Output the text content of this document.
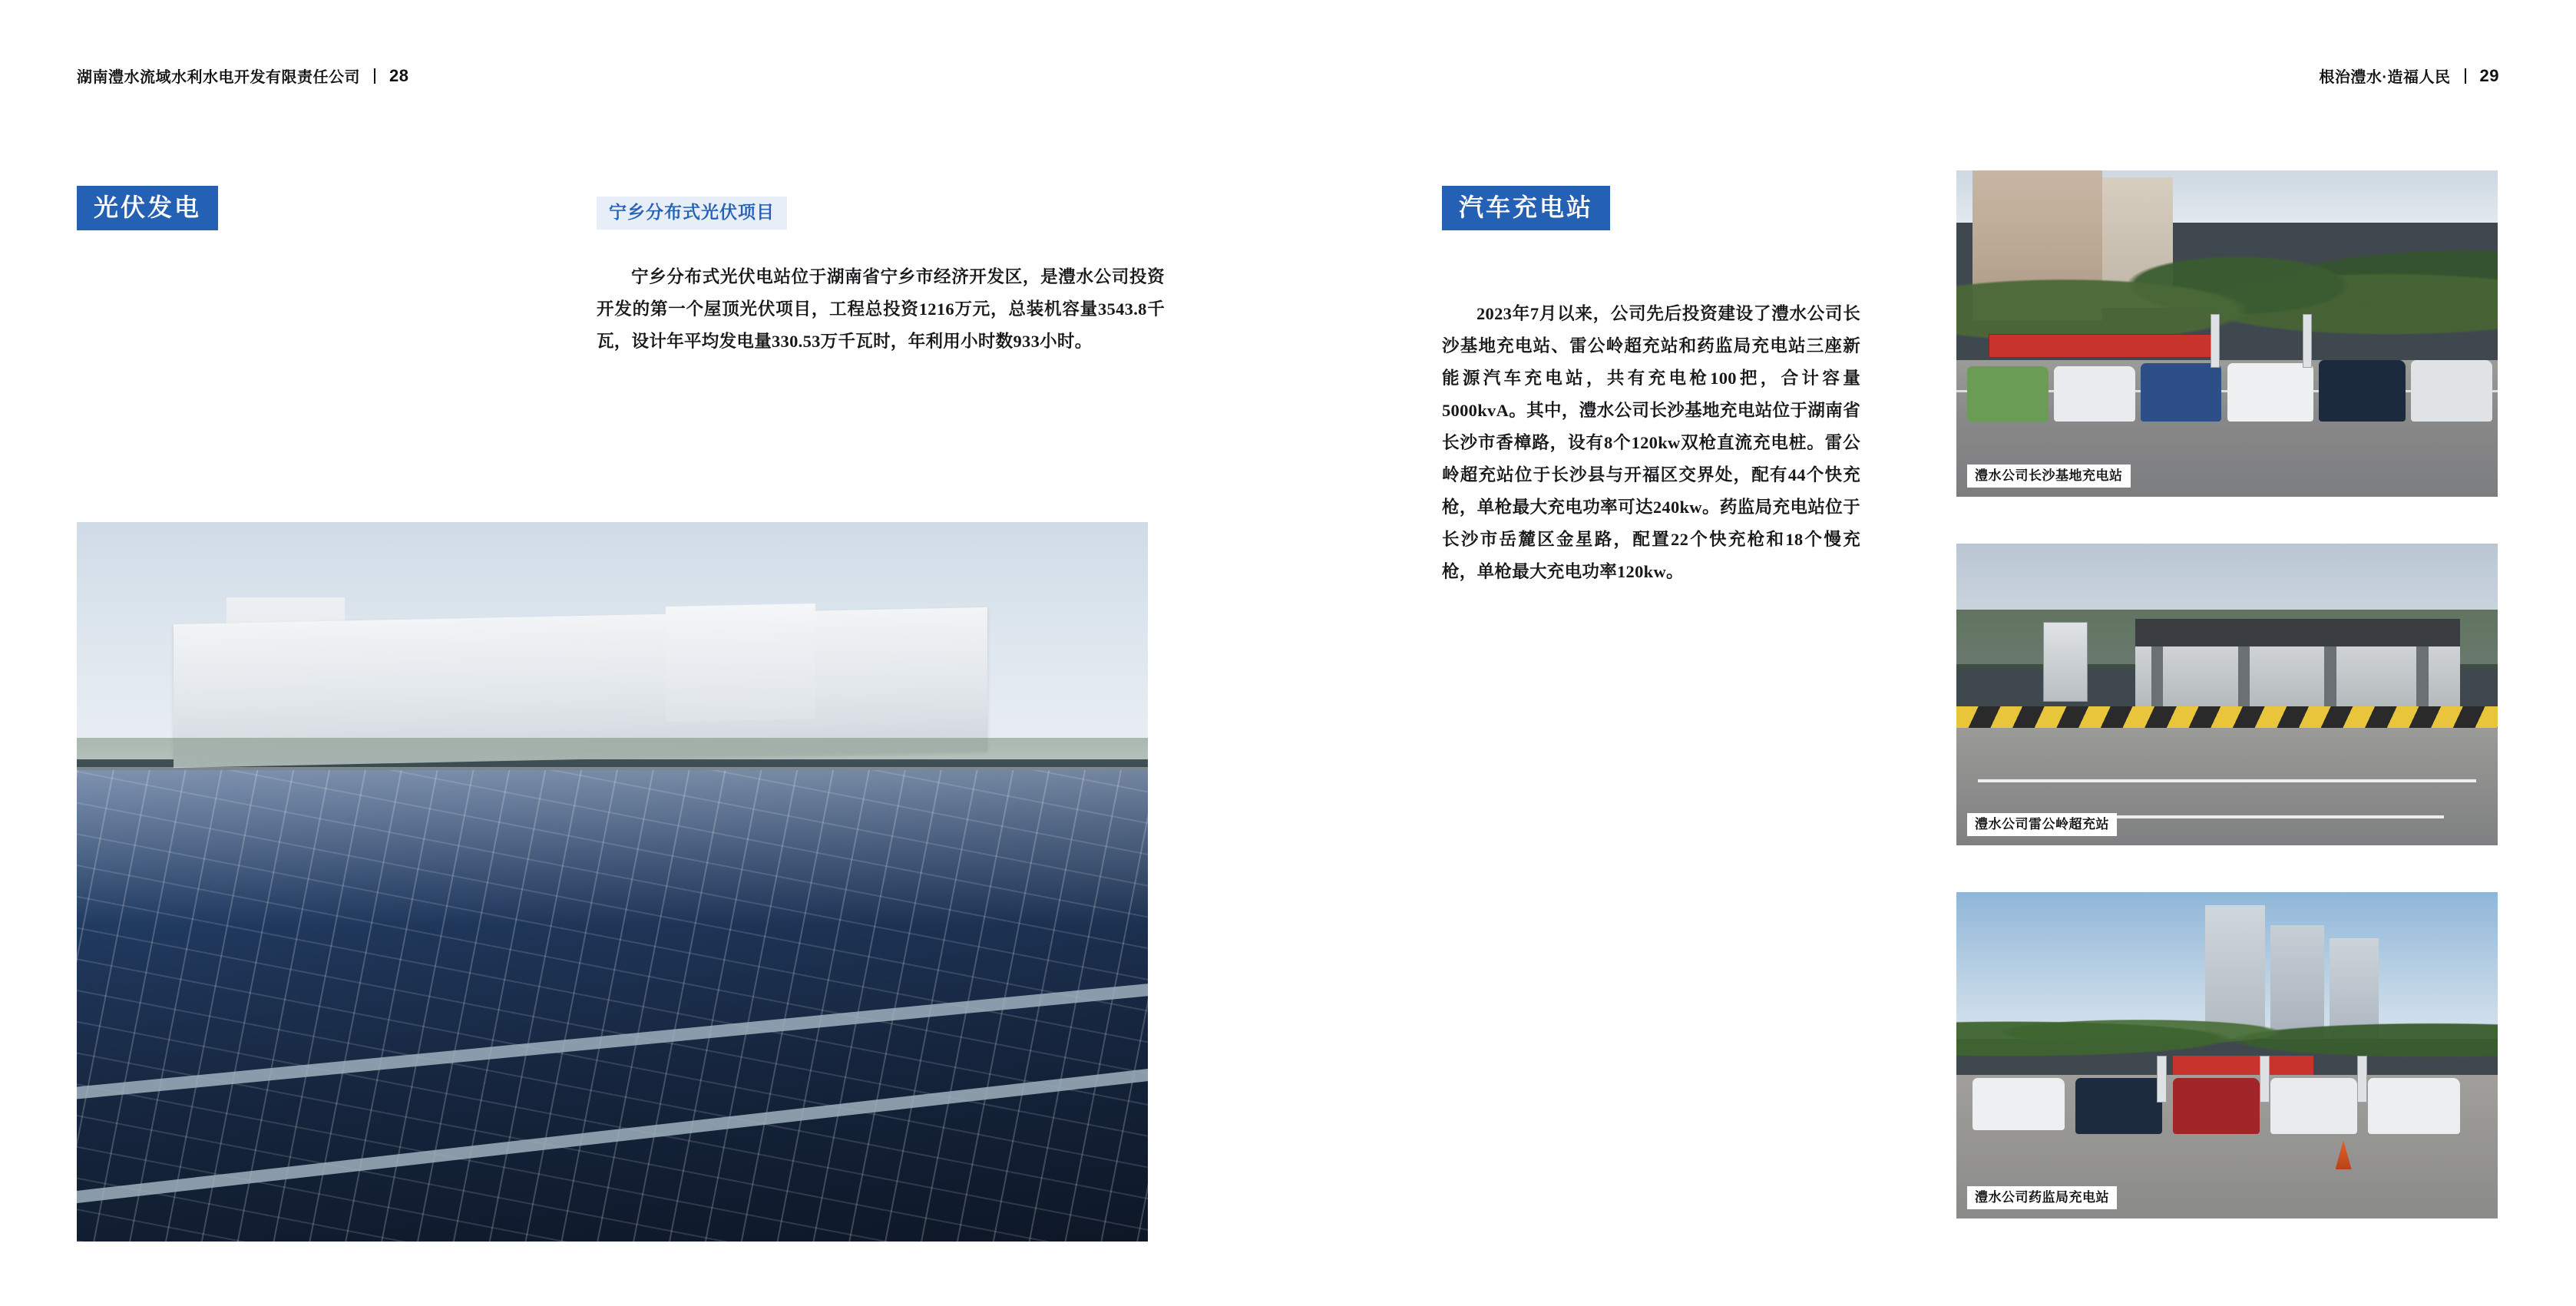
湖南澧水流域水利水电开发有限责任公司 28
光伏发电	宁乡分布式光伏项目
宁乡分布式光伏电站位于湖南省宁乡市经济开发区，是澧水公司投资开发的第一个屋顶光伏项目，工程总投资1216万元，总装机容量3543.8千瓦，设计年平均发电量330.53万千瓦时，年利用小时数933小时。
根治澧水·造福人民 29
汽车充电站
2023年7月以来，公司先后投资建设了澧水公司长沙基地充电站、雷公岭超充站和药监局充电站三座新能源汽车充电站，共有充电枪100把，合计容量5000kvA。其中，澧水公司长沙基地充电站位于湖南省长沙市香樟路，设有8个120kw双枪直流充电桩。雷公岭超充站位于长沙县与开福区交界处，配有44个快充枪，单枪最大充电功率可达240kw。药监局充电站位于长沙市岳麓区金星路，配置22个快充枪和18个慢充枪，单枪最大充电功率120kw。
澧水公司长沙基地充电站
澧水公司雷公岭超充站
澧水公司药监局充电站
